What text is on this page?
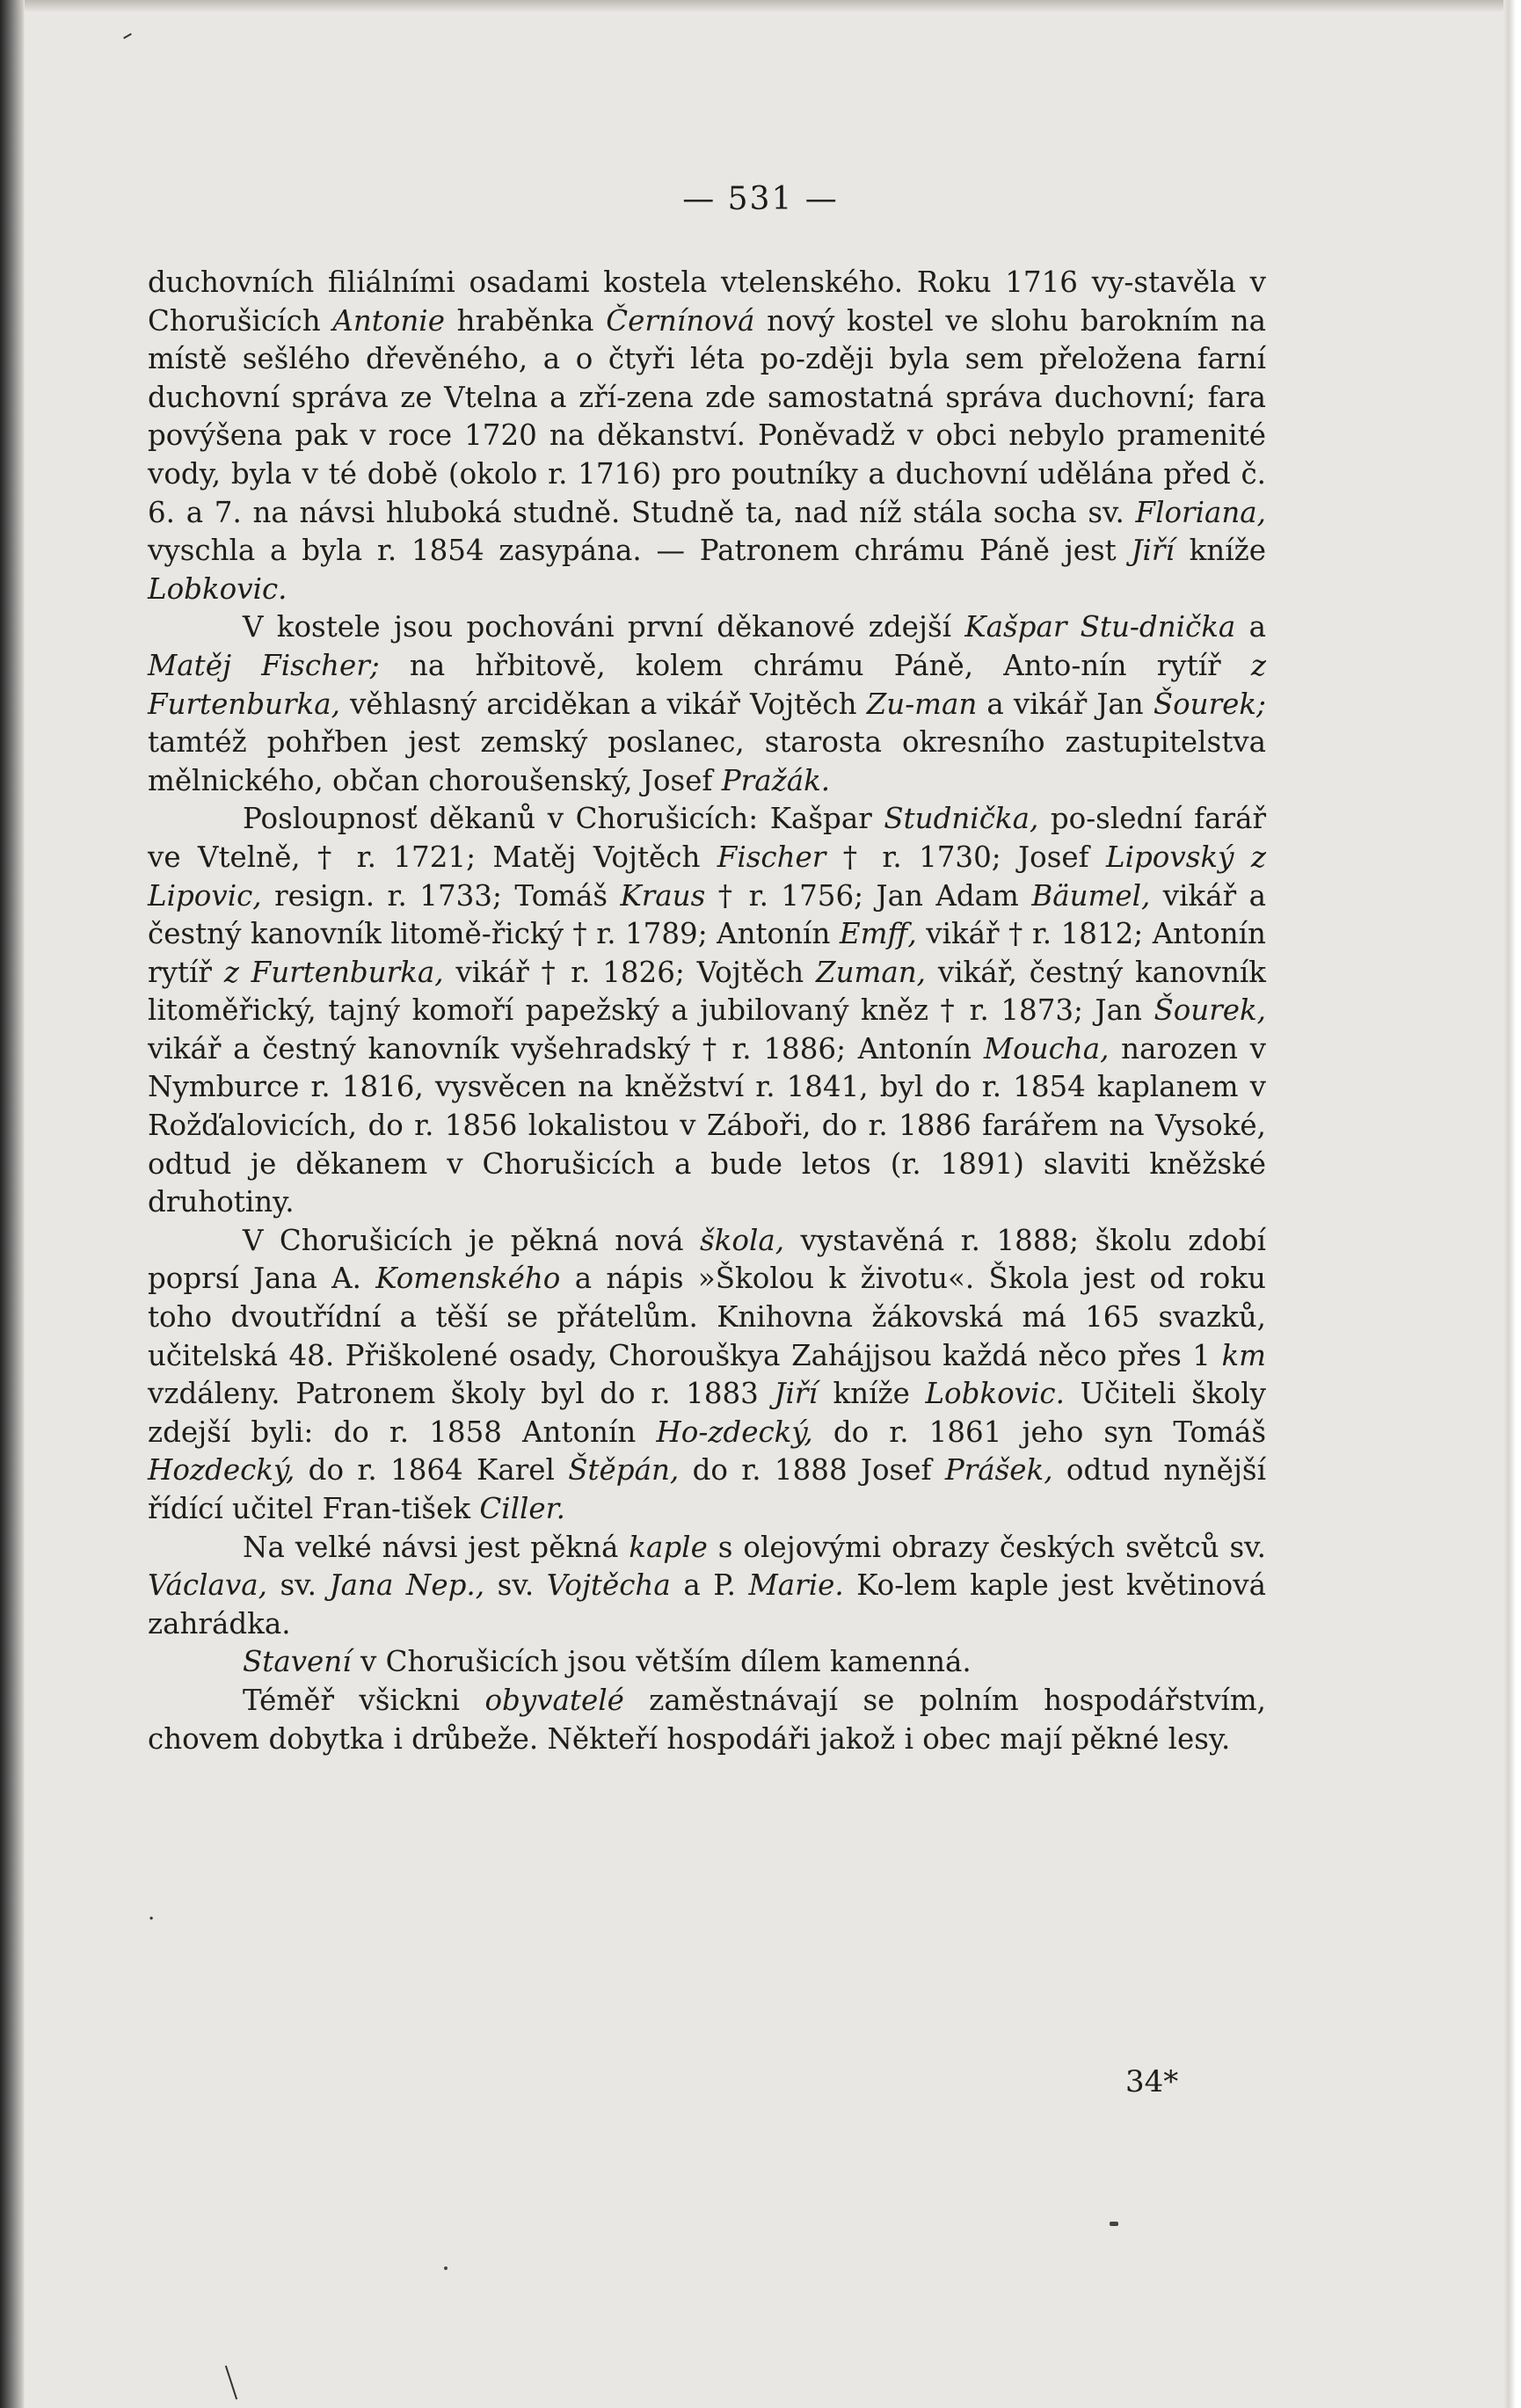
— 531 —

duchovních filiálními osadami kostela vtelenského. Roku 1716 vy-stavěla v Chorušicích Antonie hraběnka Černínová nový kostel ve slohu barokním na místě sešlého dřevěného, a o čtyři léta po-zději byla sem přeložena farní duchovní správa ze Vtelna a zří-zena zde samostatná správa duchovní; fara povýšena pak v roce 1720 na děkanství. Poněvadž v obci nebylo pramenité vody, byla v té době (okolo r. 1716) pro poutníky a duchovní udělána před č. 6. a 7. na návsi hluboká studně. Studně ta, nad níž stála socha sv. Floriana, vyschla a byla r. 1854 zasypána. — Patronem chrámu Páně jest Jiří kníže Lobkovic.

V kostele jsou pochováni první děkanové zdejší Kašpar Stu-dnička a Matěj Fischer; na hřbitově, kolem chrámu Páně, Anto-nín rytíř z Furtenburka, věhlasný arciděkan a vikář Vojtěch Zu-man a vikář Jan Šourek; tamtéž pohřben jest zemský poslanec, starosta okresního zastupitelstva mělnického, občan choroušenský, Josef Pražák.

Posloupnosť děkanů v Chorušicích: Kašpar Studnička, po-slední farář ve Vtelně, † r. 1721; Matěj Vojtěch Fischer † r. 1730; Josef Lipovský z Lipovic, resign. r. 1733; Tomáš Kraus † r. 1756; Jan Adam Bäumel, vikář a čestný kanovník litomě-řický † r. 1789; Antonín Emff, vikář † r. 1812; Antonín rytíř z Furtenburka, vikář † r. 1826; Vojtěch Zuman, vikář, čestný kanovník litoměřický, tajný komoří papežský a jubilovaný kněz † r. 1873; Jan Šourek, vikář a čestný kanovník vyšehradský † r. 1886; Antonín Moucha, narozen v Nymburce r. 1816, vysvěcen na kněžství r. 1841, byl do r. 1854 kaplanem v Rožďalovicích, do r. 1856 lokalistou v Záboři, do r. 1886 farářem na Vysoké, odtud je děkanem v Chorušicích a bude letos (r. 1891) slaviti kněžské druhotiny.

V Chorušicích je pěkná nová škola, vystavěná r. 1888; školu zdobí poprsí Jana A. Komenského a nápis »Školou k životu«. Škola jest od roku toho dvoutřídní a těší se přátelům. Knihovna žákovská má 165 svazků, učitelská 48. Přiškolené osady, Chorouškya Zahájjsou každá něco přes 1 km vzdáleny. Patronem školy byl do r. 1883 Jiří kníže Lobkovic. Učiteli školy zdejší byli: do r. 1858 Antonín Ho-zdecký, do r. 1861 jeho syn Tomáš Hozdecký, do r. 1864 Karel Štěpán, do r. 1888 Josef Prášek, odtud nynější řídící učitel Fran-tišek Ciller.

Na velké návsi jest pěkná kaple s olejovými obrazy českých světců sv. Václava, sv. Jana Nep., sv. Vojtěcha a P. Marie. Ko-lem kaple jest květinová zahrádka.

Stavení v Chorušicích jsou větším dílem kamenná.

Téměř všickni obyvatelé zaměstnávají se polním hospodářstvím, chovem dobytka i drůbeže. Někteří hospodáři jakož i obec mají pěkné lesy.

·
34*
